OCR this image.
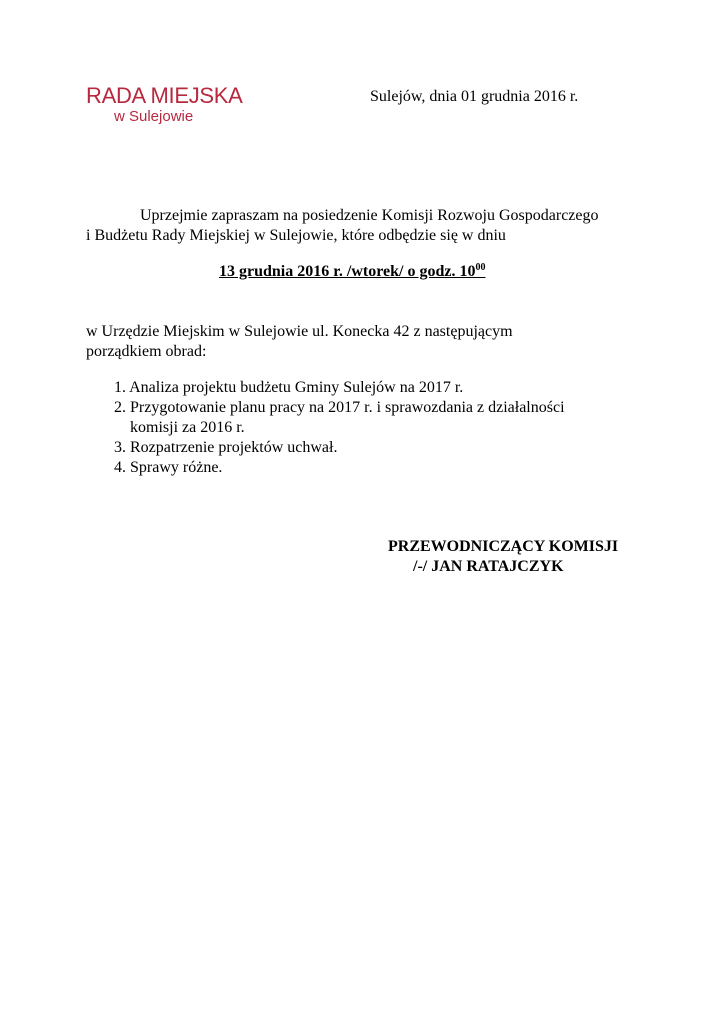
RADA MIEJSKA
w Sulejowie
Sulejów, dnia 01 grudnia 2016 r.
Uprzejmie zapraszam na posiedzenie Komisji Rozwoju Gospodarczego
i Budżetu Rady Miejskiej w Sulejowie, które odbędzie się w dniu
13 grudnia 2016 r. /wtorek/ o godz. $10^{00}$
w Urzędzie Miejskim w Sulejowie ul. Konecka 42 z następującym
porządkiem obrad:
1. Analiza projektu budżetu Gminy Sulejów na 2017 r.
2. Przygotowanie planu pracy na 2017 r. i sprawozdania z działalności
komisji za 2016 r.
3. Rozpatrzenie projektów uchwał.
4. Sprawy różne.
PRZEWODNICZĄCY KOMISJI
/-/ JAN RATAJCZYK
